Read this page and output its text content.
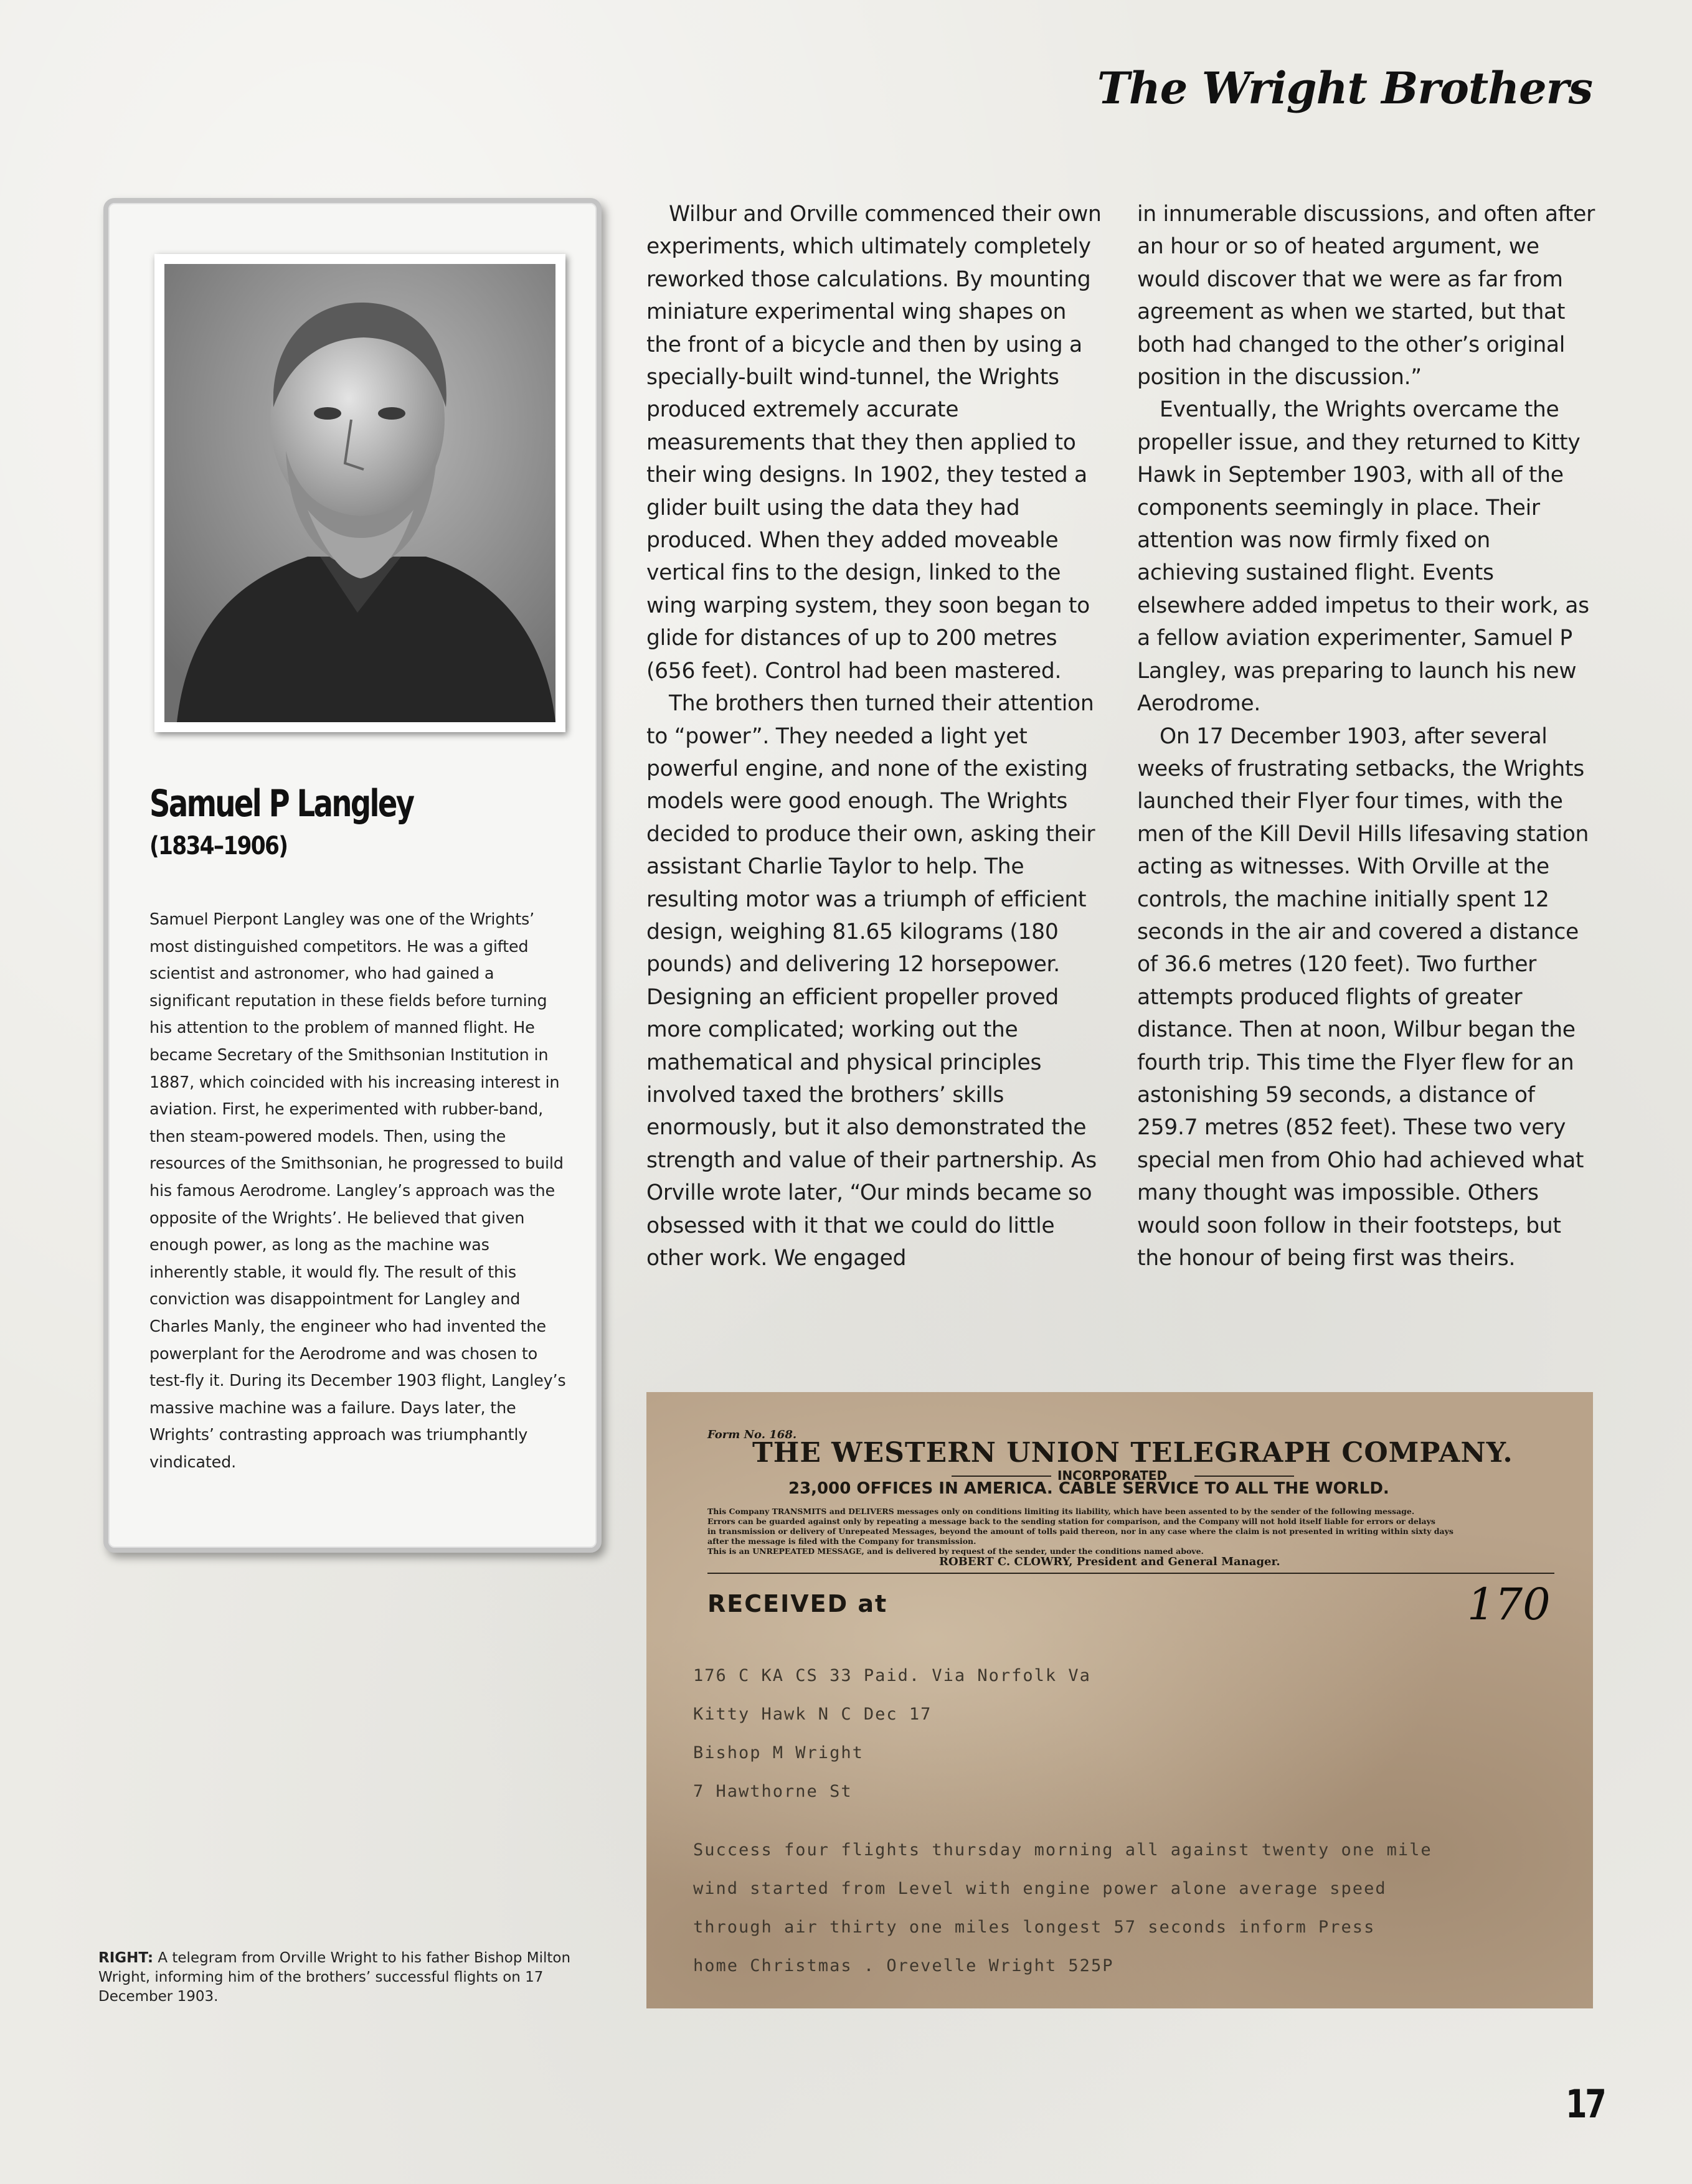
The Wright Brothers

Wilbur and Orville commenced their own experiments, which ultimately completely reworked those calculations. By mounting miniature experimental wing shapes on the front of a bicycle and then by using a specially-built wind-tunnel, the Wrights produced extremely accurate measurements that they then applied to their wing designs. In 1902, they tested a glider built using the data they had produced. When they added moveable vertical fins to the design, linked to the wing warping system, they soon began to glide for distances of up to 200 metres (656 feet). Control had been mastered.

The brothers then turned their attention to “power”. They needed a light yet powerful engine, and none of the existing models were good enough. The Wrights decided to produce their own, asking their assistant Charlie Taylor to help. The resulting motor was a triumph of efficient design, weighing 81.65 kilograms (180 pounds) and delivering 12 horsepower. Designing an efficient propeller proved more complicated; working out the mathematical and physical principles involved taxed the brothers’ skills enormously, but it also demonstrated the strength and value of their partnership. As Orville wrote later, “Our minds became so obsessed with it that we could do little other work. We engaged

in innumerable discussions, and often after an hour or so of heated argument, we would discover that we were as far from agreement as when we started, but that both had changed to the other’s original position in the discussion.”

Eventually, the Wrights overcame the propeller issue, and they returned to Kitty Hawk in September 1903, with all of the components seemingly in place. Their attention was now firmly fixed on achieving sustained flight. Events elsewhere added impetus to their work, as a fellow aviation experimenter, Samuel P Langley, was preparing to launch his new Aerodrome.

On 17 December 1903, after several weeks of frustrating setbacks, the Wrights launched their Flyer four times, with the men of the Kill Devil Hills lifesaving station acting as witnesses. With Orville at the controls, the machine initially spent 12 seconds in the air and covered a distance of 36.6 metres (120 feet). Two further attempts produced flights of greater distance. Then at noon, Wilbur began the fourth trip. This time the Flyer flew for an astonishing 59 seconds, a distance of 259.7 metres (852 feet). These two very special men from Ohio had achieved what many thought was impossible. Others would soon follow in their footsteps, but the honour of being first was theirs.

Samuel P Langley

(1834–1906)

Samuel Pierpont Langley was one of the Wrights’ most distinguished competitors. He was a gifted scientist and astronomer, who had gained a significant reputation in these fields before turning his attention to the problem of manned flight. He became Secretary of the Smithsonian Institution in 1887, which coincided with his increasing interest in aviation. First, he experimented with rubber-band, then steam-powered models. Then, using the resources of the Smithsonian, he progressed to build his famous Aerodrome. Langley’s approach was the opposite of the Wrights’. He believed that given enough power, as long as the machine was inherently stable, it would fly. The result of this conviction was disappointment for Langley and Charles Manly, the engineer who had invented the powerplant for the Aerodrome and was chosen to test-fly it. During its December 1903 flight, Langley’s massive machine was a failure. Days later, the Wrights’ contrasting approach was triumphantly vindicated.

RIGHT: A telegram from Orville Wright to his father Bishop Milton Wright, informing him of the brothers’ successful flights on 17 December 1903.

Form No. 168.

THE WESTERN UNION TELEGRAPH COMPANY.

INCORPORATED

23,000 OFFICES IN AMERICA. CABLE SERVICE TO ALL THE WORLD.

This Company TRANSMITS and DELIVERS messages only on conditions limiting its liability, which have been assented to by the sender of the following message.

Errors can be guarded against only by repeating a message back to the sending station for comparison, and the Company will not hold itself liable for errors or delays

in transmission or delivery of Unrepeated Messages, beyond the amount of tolls paid thereon, nor in any case where the claim is not presented in writing within sixty days

after the message is filed with the Company for transmission.

This is an UNREPEATED MESSAGE, and is delivered by request of the sender, under the conditions named above.

ROBERT C. CLOWRY, President and General Manager.

RECEIVED at	170

176 C KA CS 33 Paid. Via Norfolk Va

Kitty Hawk N C Dec 17

Bishop M Wright

7 Hawthorne St

Success four flights thursday morning all against twenty one mile

wind started from Level with engine power alone average speed

through air thirty one miles longest 57 seconds inform Press

home Christmas . Orevelle Wright 525P

17
